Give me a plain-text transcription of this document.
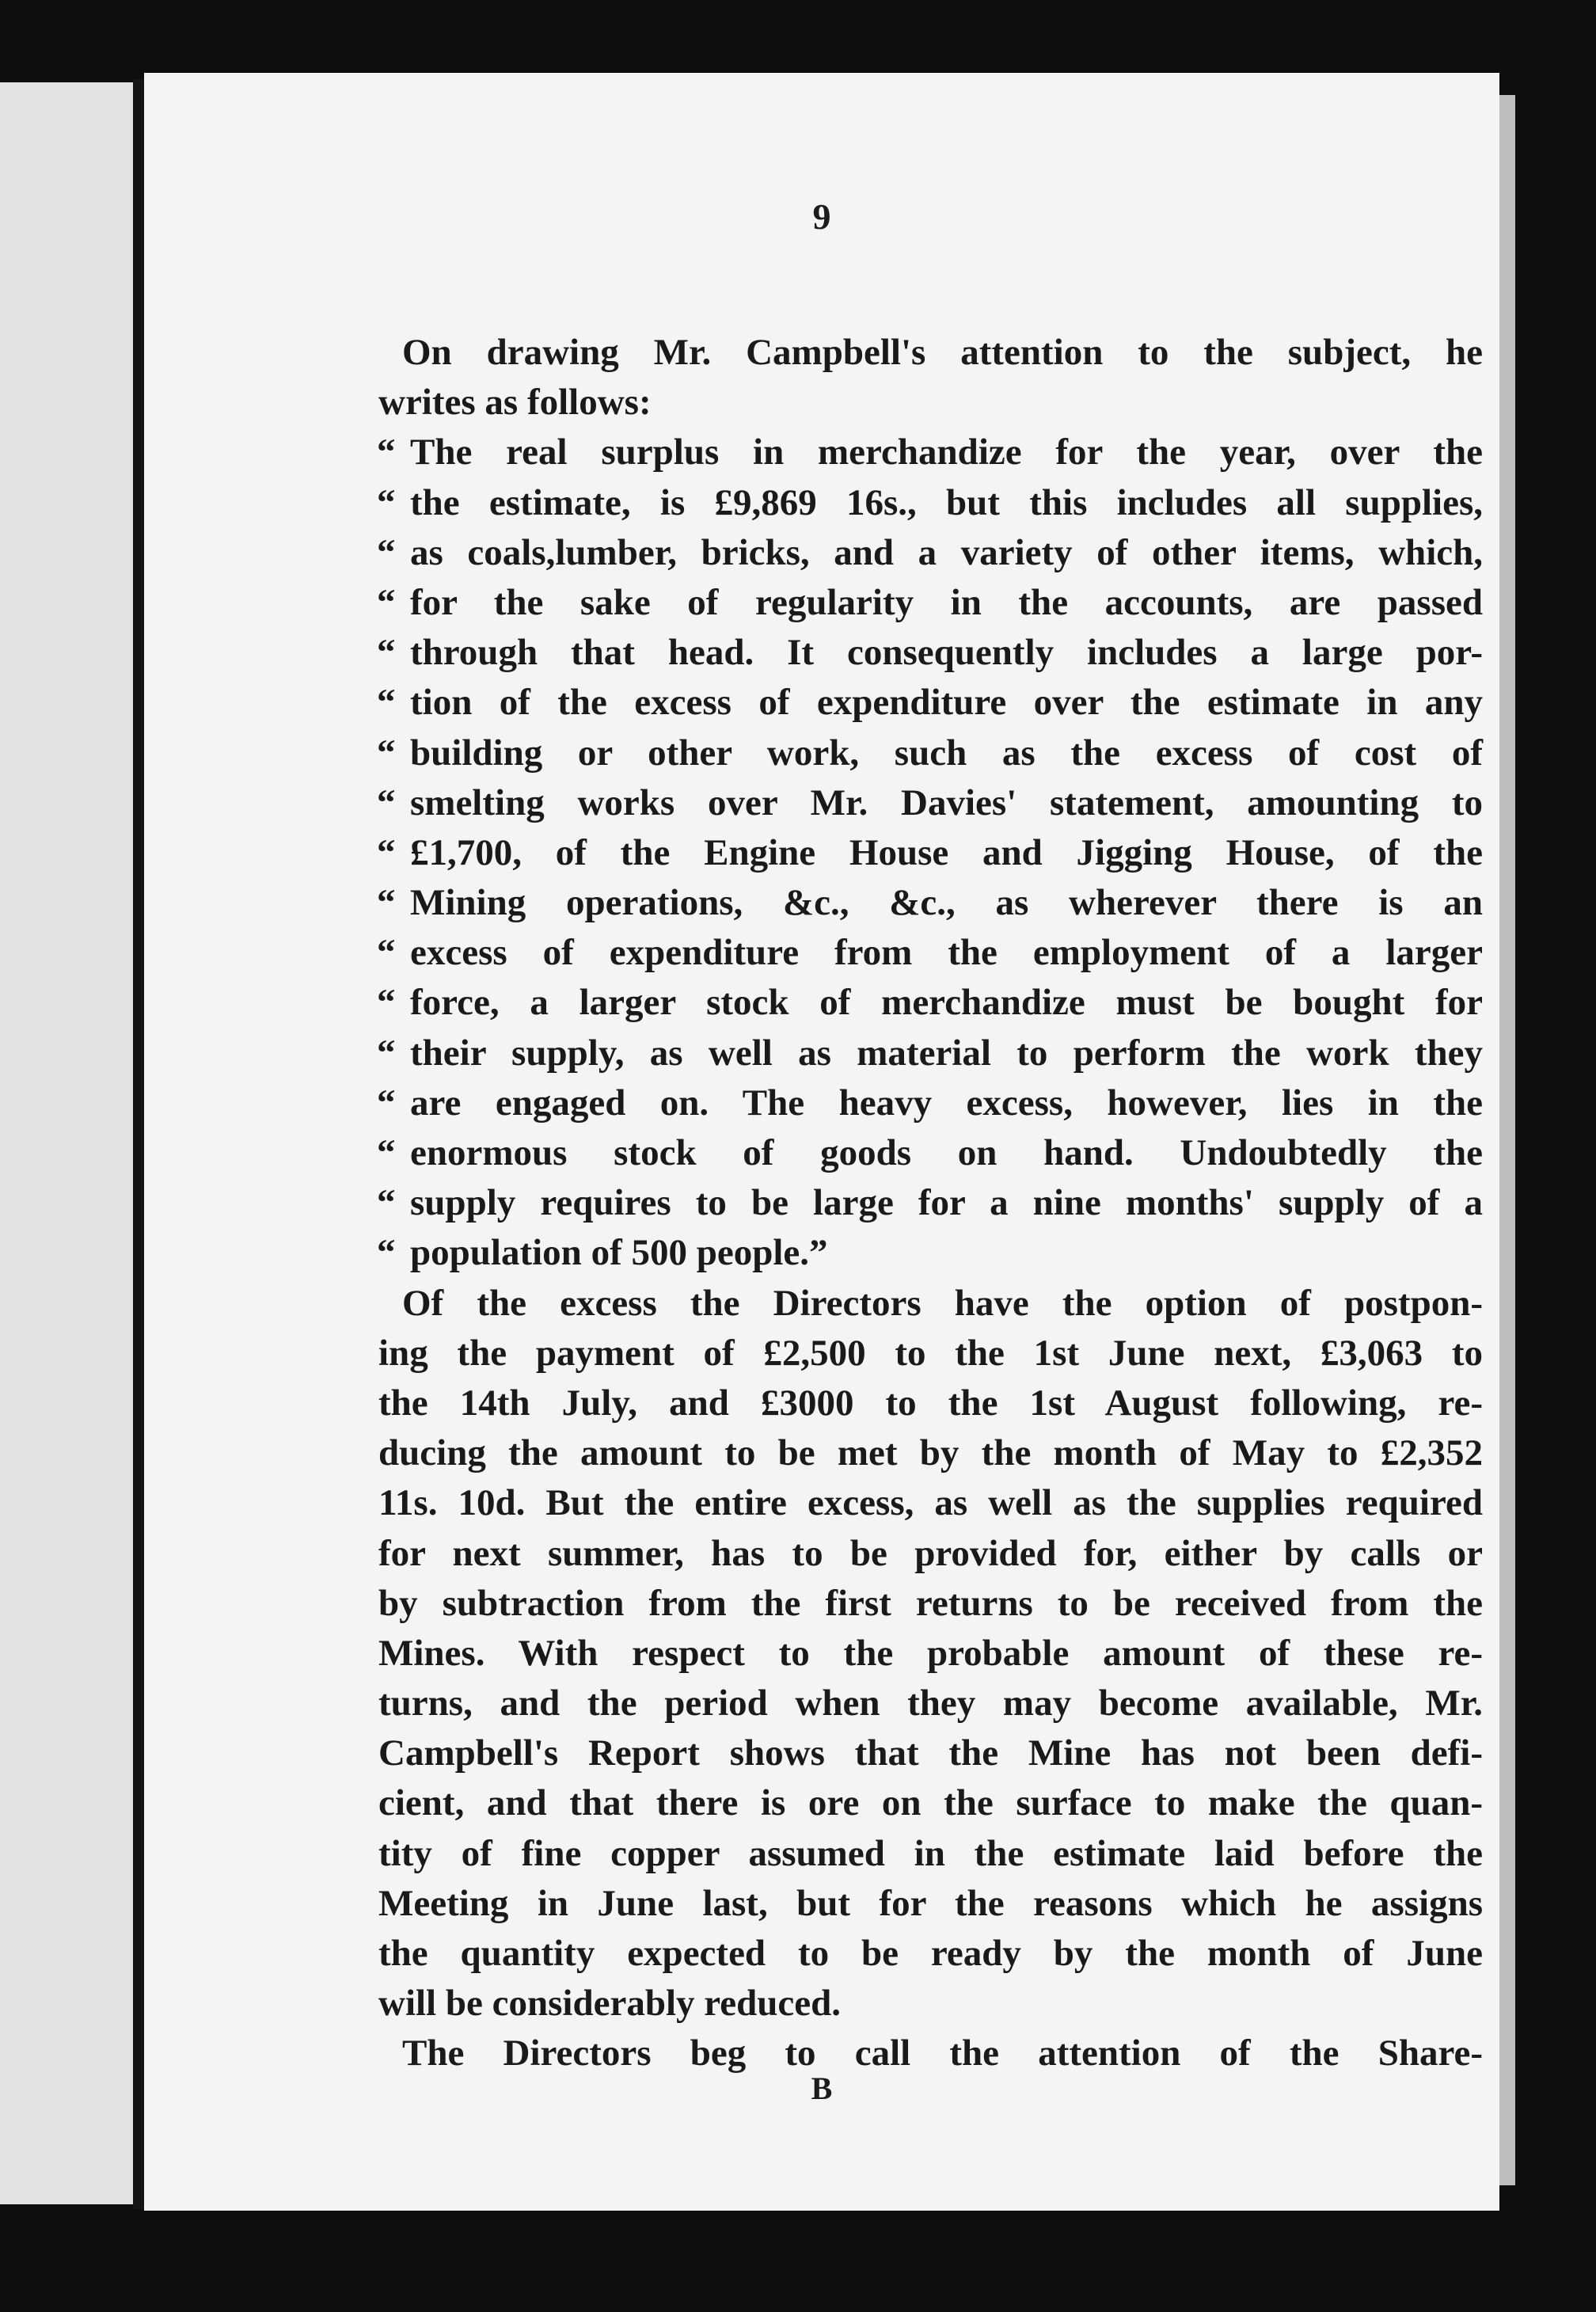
9
On drawing Mr. Campbell's attention to the subject, he
writes as follows:
“ The real surplus in merchandize for the year, over the
“ the estimate, is £9,869 16s., but this includes all supplies,
“ as coals,lumber, bricks, and a variety of other items, which,
“ for the sake of regularity in the accounts, are passed
“ through that head. It consequently includes a large por-
“ tion of the excess of expenditure over the estimate in any
“ building or other work, such as the excess of cost of
“ smelting works over Mr. Davies' statement, amounting to
“ £1,700, of the Engine House and Jigging House, of the
“ Mining operations, &c., &c., as wherever there is an
“ excess of expenditure from the employment of a larger
“ force, a larger stock of merchandize must be bought for
“ their supply, as well as material to perform the work they
“ are engaged on. The heavy excess, however, lies in the
“ enormous stock of goods on hand. Undoubtedly the
“ supply requires to be large for a nine months' supply of a
“ population of 500 people.”
Of the excess the Directors have the option of postpon-
ing the payment of £2,500 to the 1st June next, £3,063 to
the 14th July, and £3000 to the 1st August following, re-
ducing the amount to be met by the month of May to £2,352
11s. 10d. But the entire excess, as well as the supplies required
for next summer, has to be provided for, either by calls or
by subtraction from the first returns to be received from the
Mines. With respect to the probable amount of these re-
turns, and the period when they may become available, Mr.
Campbell's Report shows that the Mine has not been defi-
cient, and that there is ore on the surface to make the quan-
tity of fine copper assumed in the estimate laid before the
Meeting in June last, but for the reasons which he assigns
the quantity expected to be ready by the month of June
will be considerably reduced.
The Directors beg to call the attention of the Share-
B
